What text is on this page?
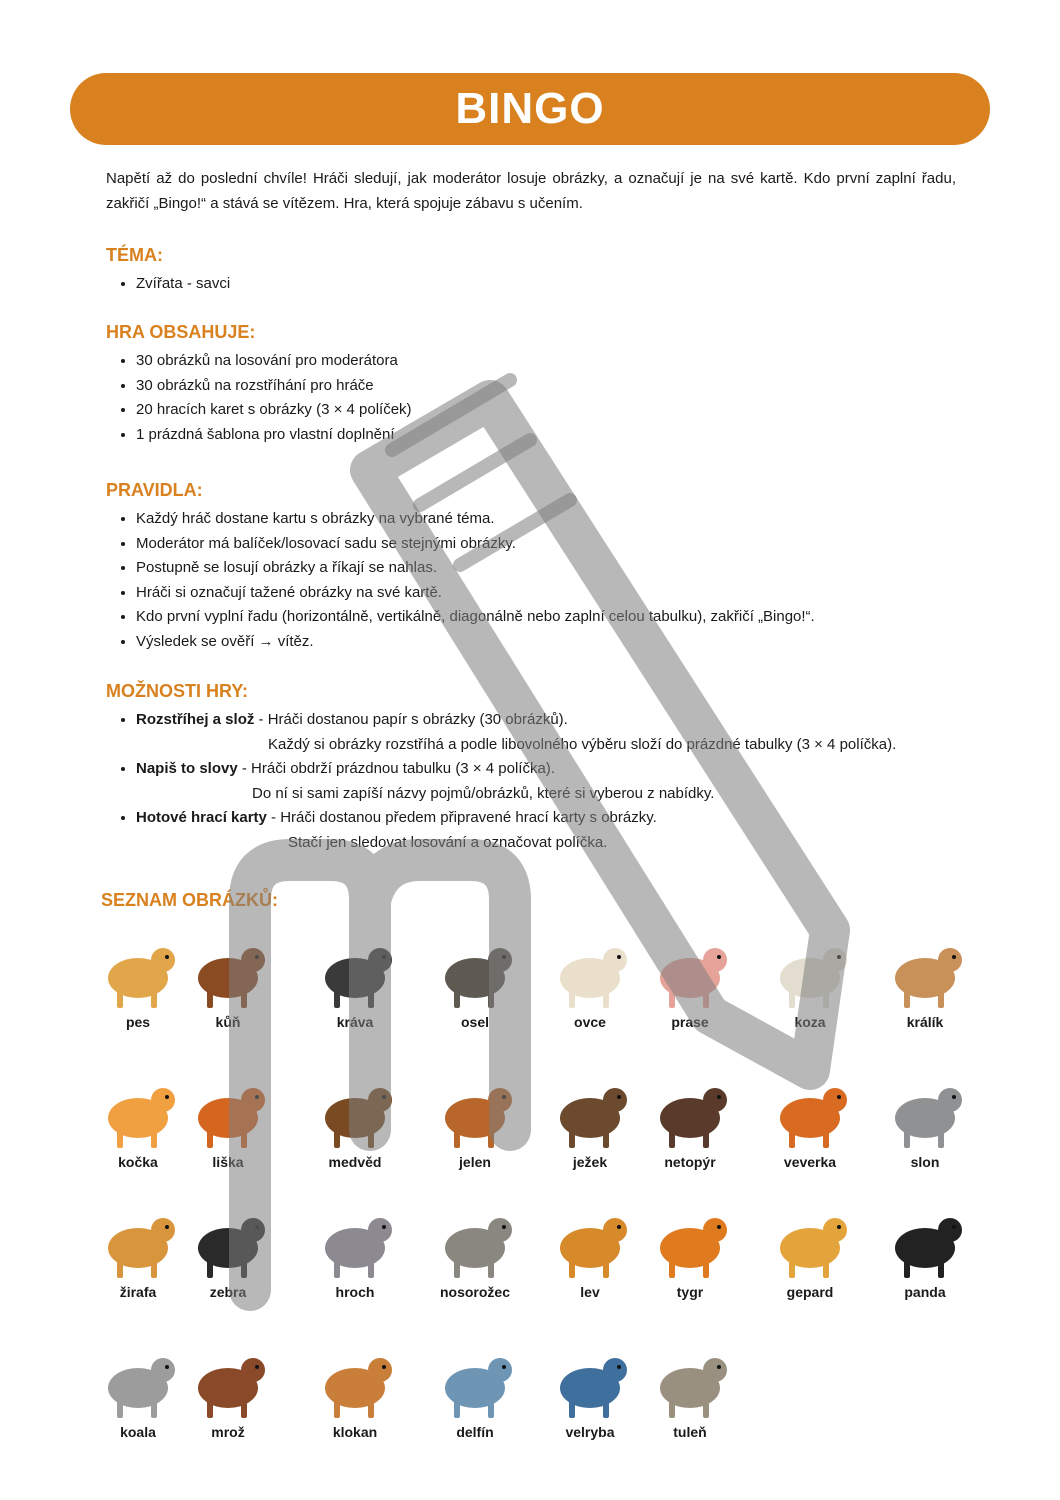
BINGO

Napětí až do poslední chvíle! Hráči sledují, jak moderátor losuje obrázky, a označují je na své kartě. Kdo první zaplní řadu, zakřičí „Bingo!“ a stává se vítězem. Hra, která spojuje zábavu s učením.

TÉMA:

• Zvířata - savci

HRA OBSAHUJE:

• 30 obrázků na losování pro moderátora
• 30 obrázků na rozstříhání pro hráče
• 20 hracích karet s obrázky (3 × 4 políček)
• 1 prázdná šablona pro vlastní doplnění

PRAVIDLA:

• Každý hráč dostane kartu s obrázky na vybrané téma.
• Moderátor má balíček/losovací sadu se stejnými obrázky.
• Postupně se losují obrázky a říkají se nahlas.
• Hráči si označují tažené obrázky na své kartě.
• Kdo první vyplní řadu (horizontálně, vertikálně, diagonálně nebo zaplní celou tabulku), zakřičí „Bingo!“.
• Výsledek se ověří → vítěz.

MOŽNOSTI HRY:

• Rozstříhej a slož - Hráči dostanou papír s obrázky (30 obrázků).
Každý si obrázky rozstříhá a podle libovolného výběru složí do prázdné tabulky (3 × 4 políčka).
• Napiš to slovy - Hráči obdrží prázdnou tabulku (3 × 4 políčka).
Do ní si sami zapíší názvy pojmů/obrázků, které si vyberou z nabídky.
• Hotové hrací karty - Hráči dostanou předem připravené hrací karty s obrázky.
Stačí jen sledovat losování a označovat políčka.

SEZNAM OBRÁZKŮ:

pes	kůň	kráva	osel	ovce	prase	koza	králík
kočka	liška	medvěd	jelen	ježek	netopýr	veverka	slon
žirafa	zebra	hroch	nosorožec	lev	tygr	gepard	panda
koala	mrož	klokan	delfín	velryba	tuleň
